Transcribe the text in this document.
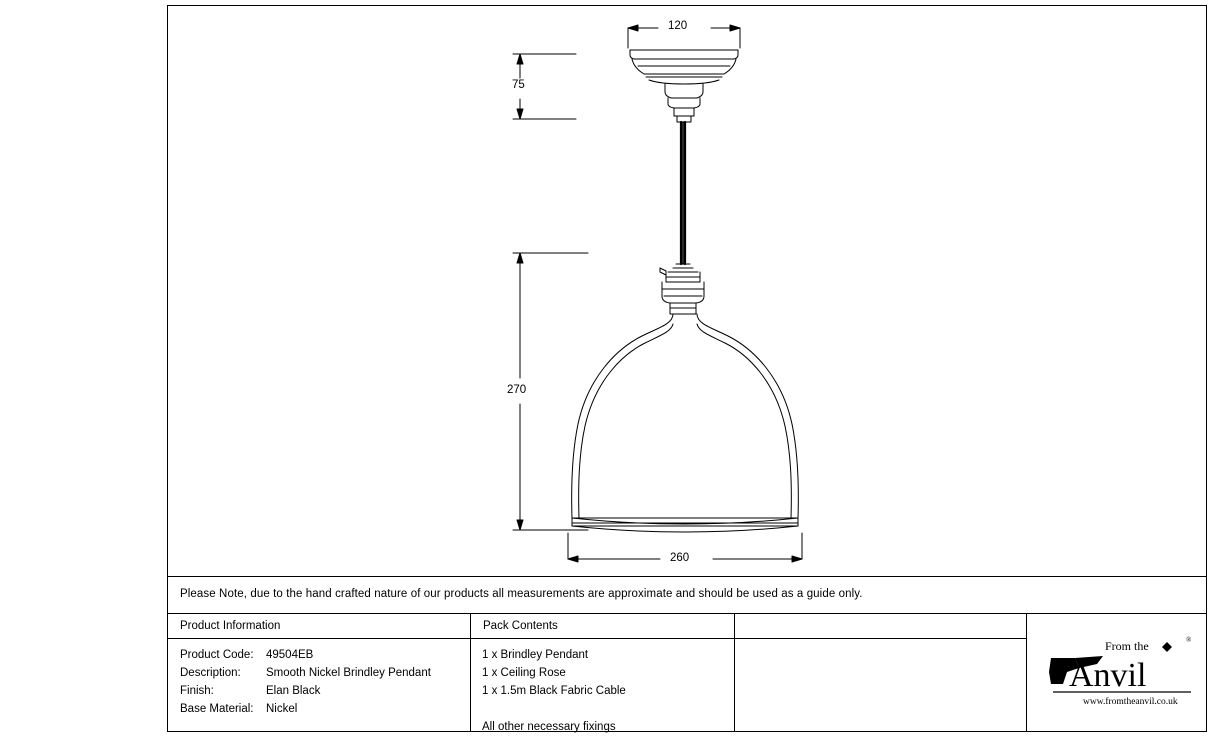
120
75
270
260
Please Note, due to the hand crafted nature of our products all measurements are approximate and should be used as a guide only.
Product Information
Product Code: 49504EB
Description: Smooth Nickel Brindley Pendant
Finish:	Elan Black
Base Material: Nickel
Pack Contents
1 x Brindley Pendant
1 x Ceiling Rose
1 x 1.5m Black Fabric Cable
All other necessary fixings
From the	®
Anvil
www.fromtheanvil.co.uk
